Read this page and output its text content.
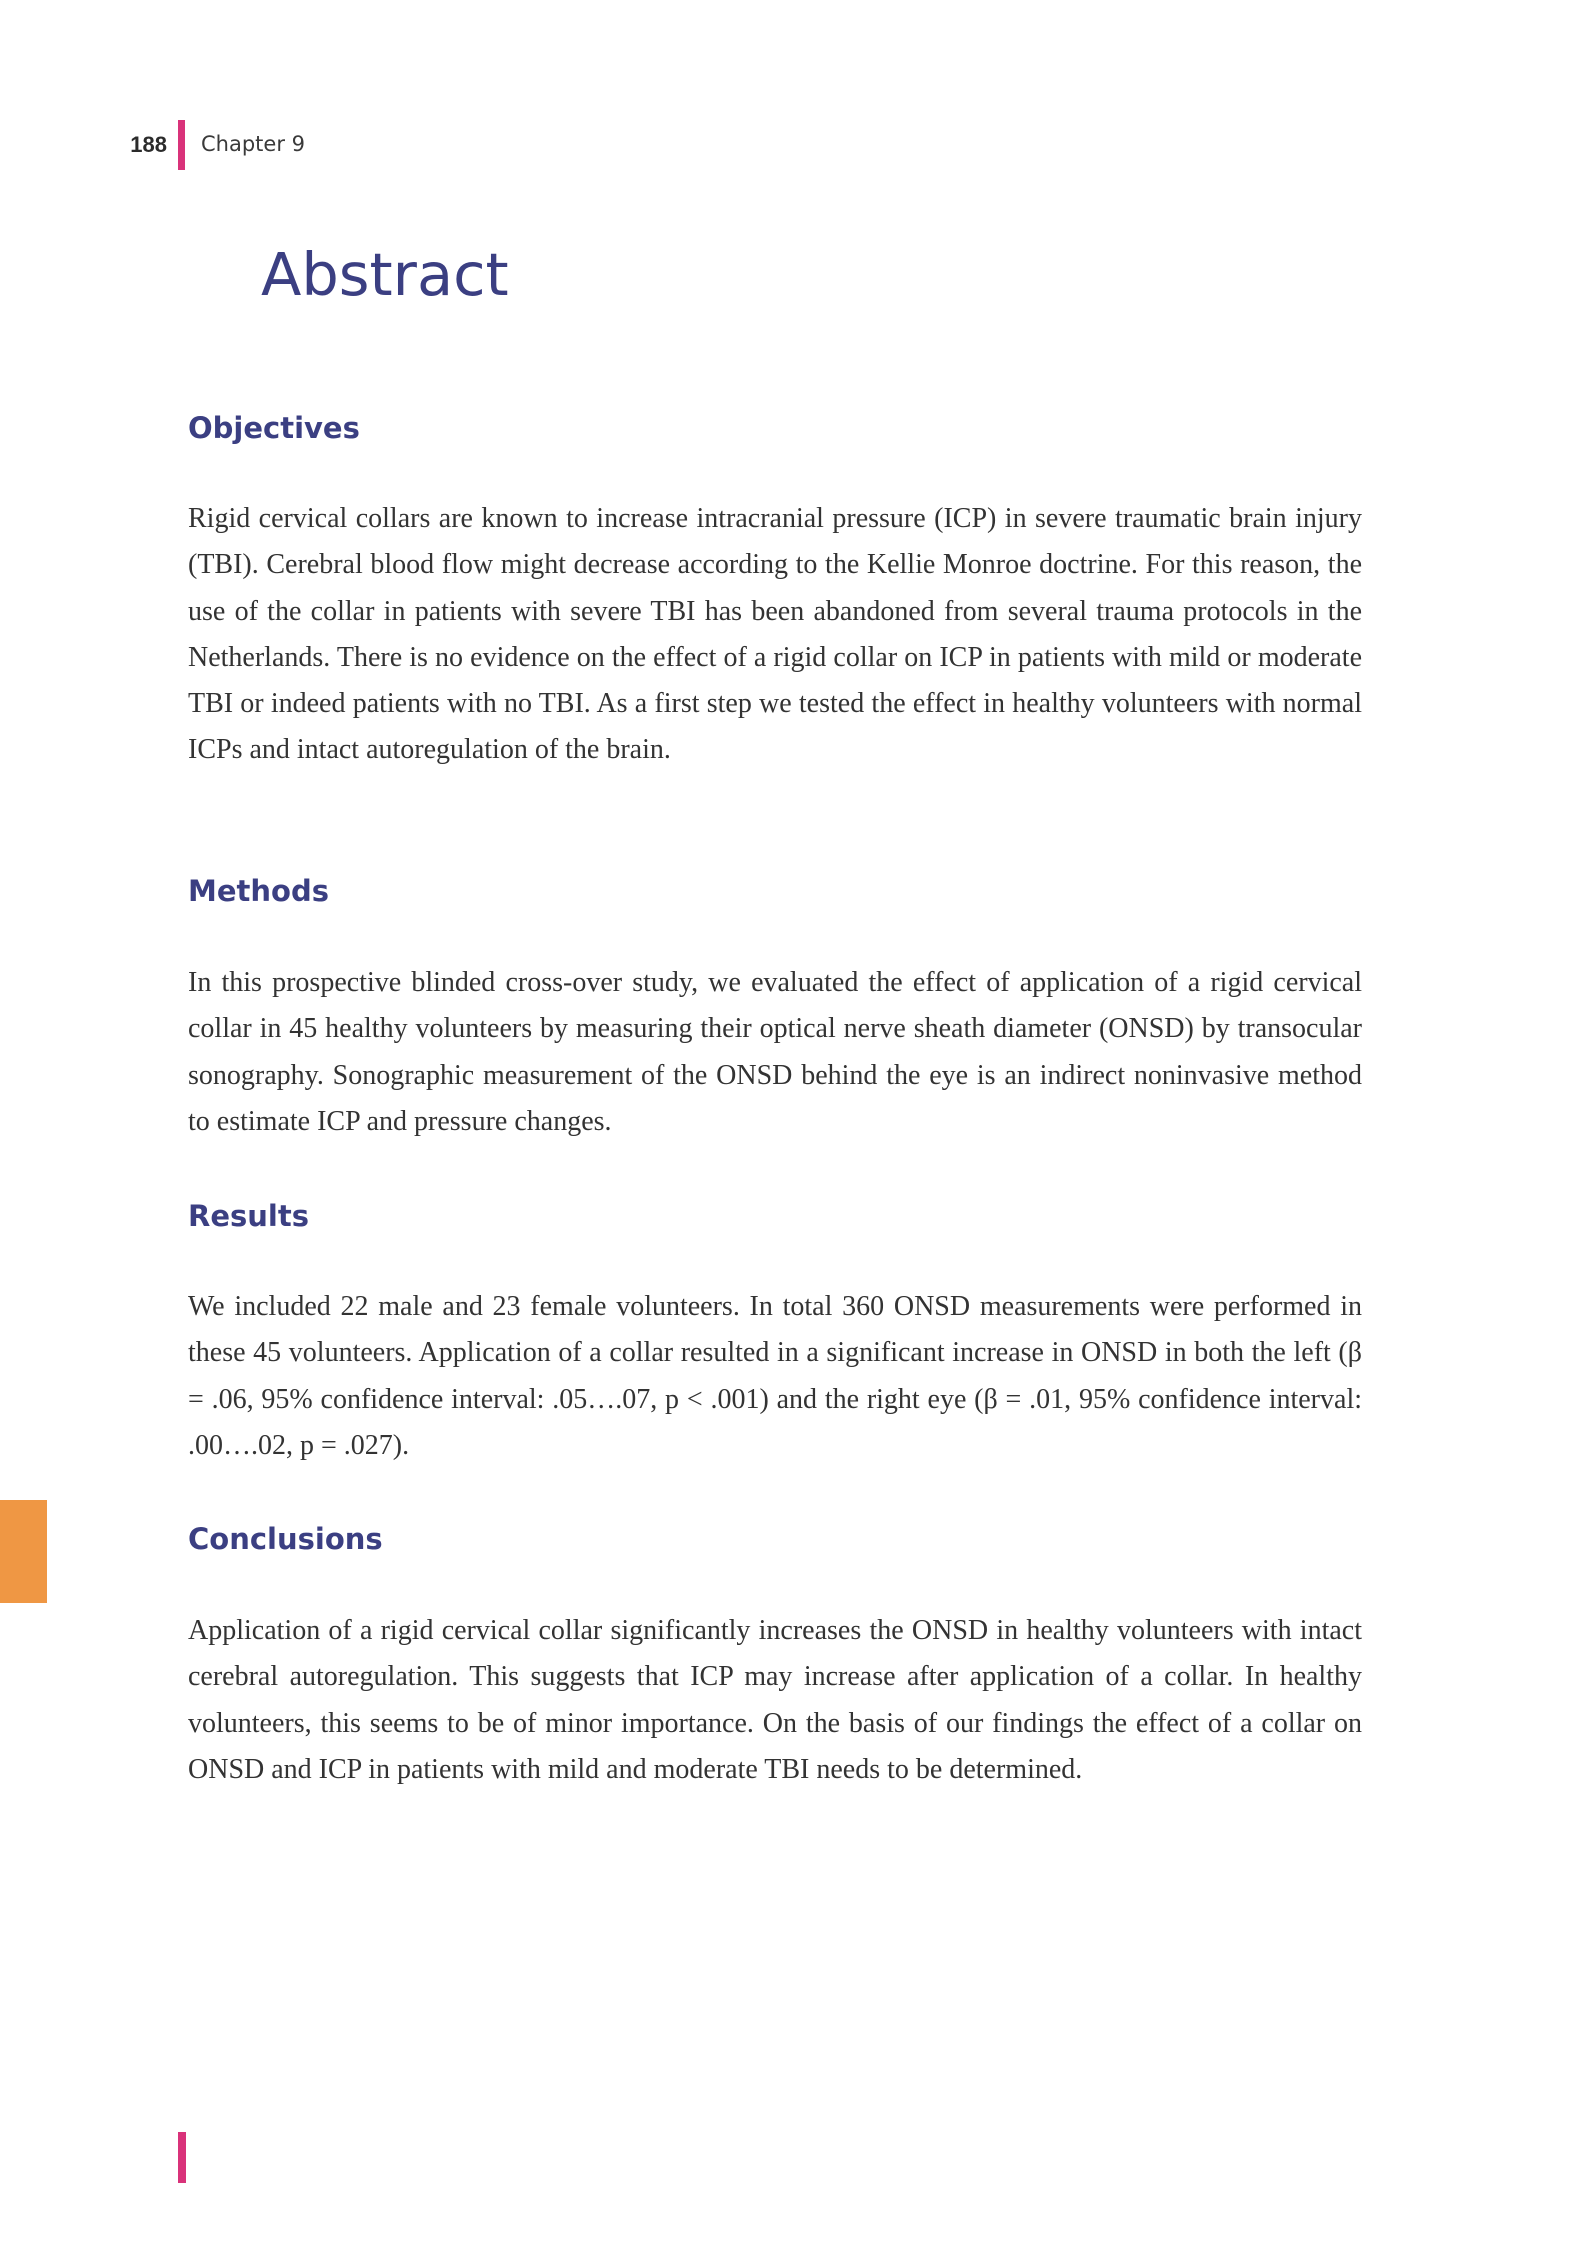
188 Chapter 9
Abstract
Objectives

Rigid cervical collars are known to increase intracranial pressure (ICP) in severe traumatic brain injury (TBI). Cerebral blood flow might decrease according to the Kellie Monroe doctrine. For this reason, the use of the collar in patients with severe TBI has been abandoned from several trauma protocols in the Netherlands. There is no evidence on the effect of a rigid collar on ICP in patients with mild or moderate TBI or indeed patients with no TBI. As a first step we tested the effect in healthy volunteers with normal ICPs and intact autoregulation of the brain.

Methods

In this prospective blinded cross-over study, we evaluated the effect of application of a rigid cervical collar in 45 healthy volunteers by measuring their optical nerve sheath diameter (ONSD) by transocular sonography. Sonographic measurement of the ONSD behind the eye is an indirect noninvasive method to estimate ICP and pressure changes.

Results

We included 22 male and 23 female volunteers. In total 360 ONSD measurements were performed in these 45 volunteers. Application of a collar resulted in a significant increase in ONSD in both the left (β = .06, 95% confidence interval: .05….07, p < .001) and the right eye (β = .01, 95% confidence interval: .00….02, p = .027).

Conclusions

Application of a rigid cervical collar significantly increases the ONSD in healthy volunteers with intact cerebral autoregulation. This suggests that ICP may increase after application of a collar. In healthy volunteers, this seems to be of minor importance. On the basis of our findings the effect of a collar on ONSD and ICP in patients with mild and moderate TBI needs to be determined.
